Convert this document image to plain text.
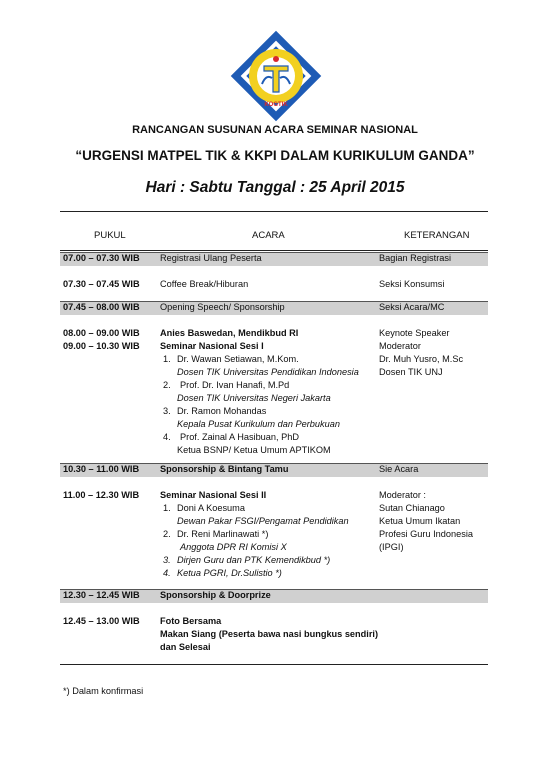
KOGTIK
RANCANGAN SUSUNAN ACARA SEMINAR NASIONAL
“URGENSI MATPEL TIK & KKPI DALAM KURIKULUM GANDA”
Hari : Sabtu Tanggal : 25 April 2015
PUKUL	ACARA	KETERANGAN
07.00 – 07.30 WIB Registrasi Ulang Peserta	Bagian Registrasi
07.30 – 07.45 WIB Coffee Break/Hiburan	Seksi Konsumsi
07.45 – 08.00 WIB Opening Speech/ Sponsorship	Seksi Acara/MC
08.00 – 09.00 WIB Anies Baswedan, Mendikbud RI	Keynote Speaker
09.00 – 10.30 WIB Seminar Nasional Sesi I	Moderator
Dr. Muh Yusro, M.Sc
Dosen TIK UNJ
1. Dr. Wawan Setiawan, M.Kom.
Dosen TIK Universitas Pendidikan Indonesia
2. Prof. Dr. Ivan Hanafi, M.Pd
Dosen TIK Universitas Negeri Jakarta
3. Dr. Ramon Mohandas
Kepala Pusat Kurikulum dan Perbukuan
4. Prof. Zainal A Hasibuan, PhD
Ketua BSNP/ Ketua Umum APTIKOM
10.30 – 11.00 WIB Sponsorship & Bintang Tamu	Sie Acara
11.00 – 12.30 WIB Seminar Nasional Sesi II	Moderator :
Sutan Chianago
Ketua Umum Ikatan
Profesi Guru Indonesia
(IPGI)
1. Doni A Koesuma
Dewan Pakar FSGI/Pengamat Pendidikan
2. Dr. Reni Marlinawati *)
Anggota DPR RI Komisi X
3. Dirjen Guru dan PTK Kemendikbud *)
4. Ketua PGRI, Dr.Sulistio *)
12.30 – 12.45 WIB Sponsorship & Doorprize
12.45 – 13.00 WIB Foto Bersama
Makan Siang (Peserta bawa nasi bungkus sendiri)
dan Selesai
*) Dalam konfirmasi
